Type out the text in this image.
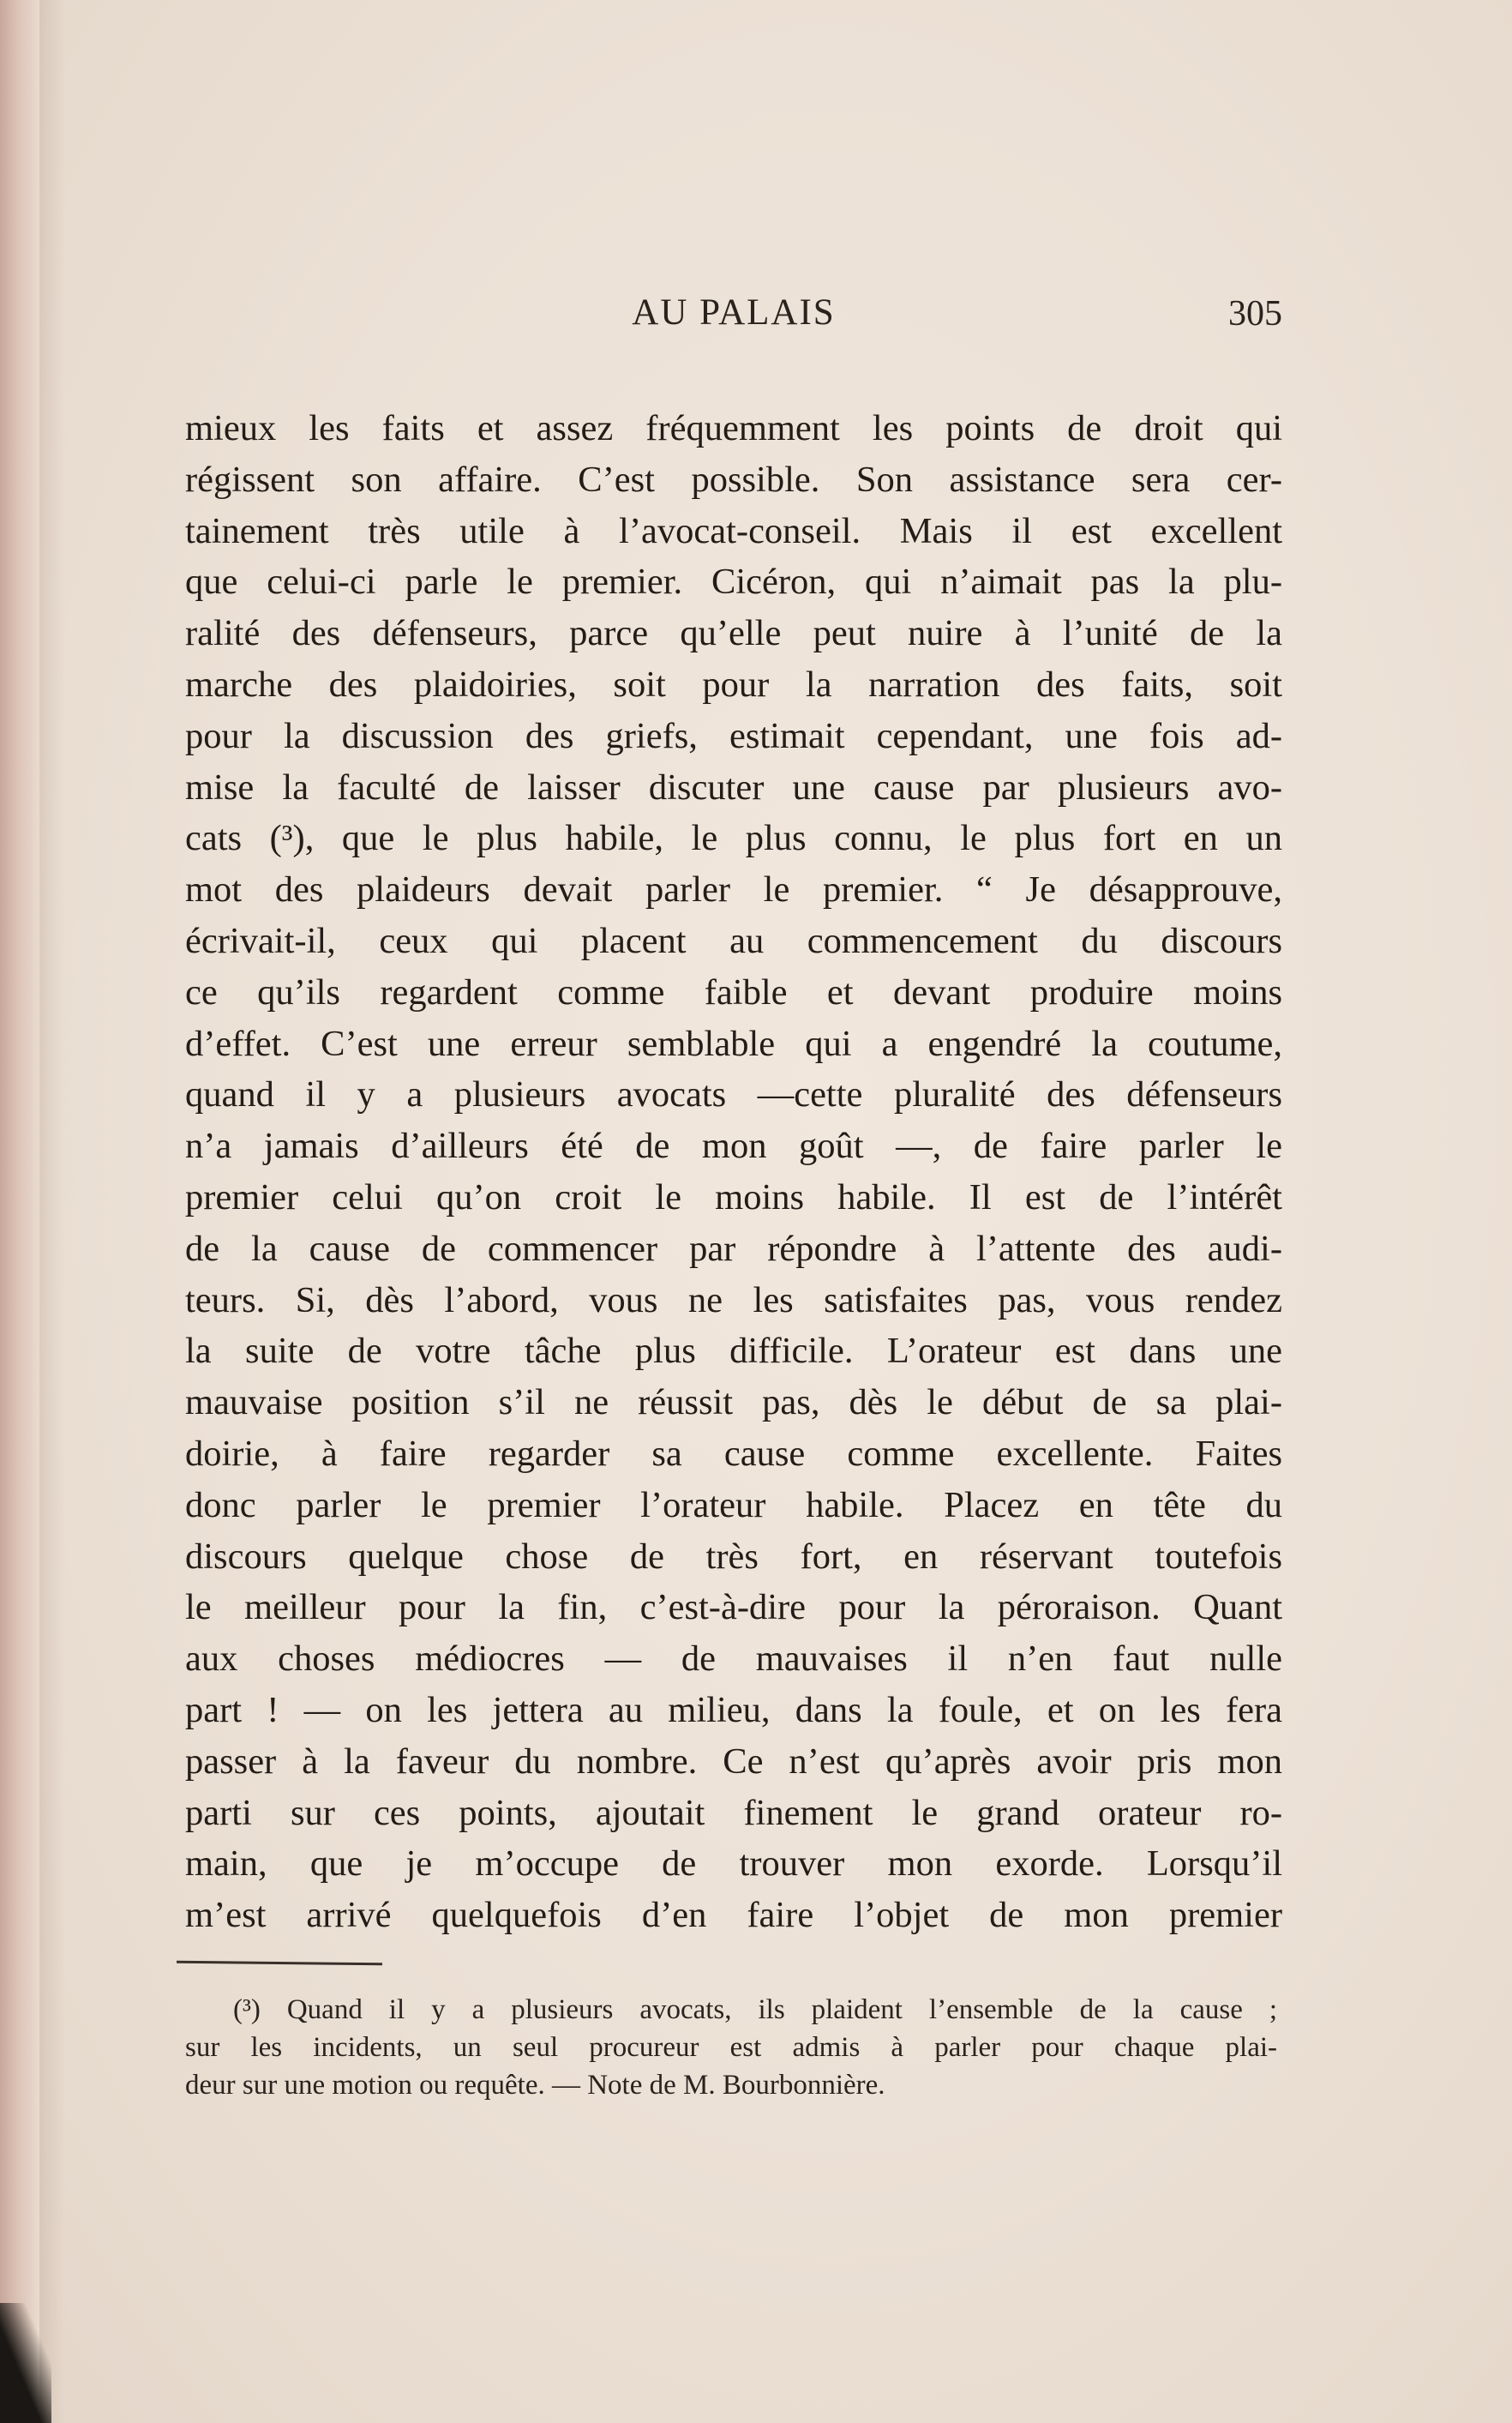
AU PALAIS	305
mieux les faits et assez fréquemment les points de droit qui
régissent son affaire. C’est possible. Son assistance sera cer-
tainement très utile à l’avocat-conseil. Mais il est excellent
que celui-ci parle le premier. Cicéron, qui n’aimait pas la plu-
ralité des défenseurs, parce qu’elle peut nuire à l’unité de la
marche des plaidoiries, soit pour la narration des faits, soit
pour la discussion des griefs, estimait cependant, une fois ad-
mise la faculté de laisser discuter une cause par plusieurs avo-
cats (³), que le plus habile, le plus connu, le plus fort en un
mot des plaideurs devait parler le premier. “ Je désapprouve,
écrivait-il, ceux qui placent au commencement du discours
ce qu’ils regardent comme faible et devant produire moins
d’effet. C’est une erreur semblable qui a engendré la coutume,
quand il y a plusieurs avocats —cette pluralité des défenseurs
n’a jamais d’ailleurs été de mon goût —, de faire parler le
premier celui qu’on croit le moins habile. Il est de l’intérêt
de la cause de commencer par répondre à l’attente des audi-
teurs. Si, dès l’abord, vous ne les satisfaites pas, vous rendez
la suite de votre tâche plus difficile. L’orateur est dans une
mauvaise position s’il ne réussit pas, dès le début de sa plai-
doirie, à faire regarder sa cause comme excellente. Faites
donc parler le premier l’orateur habile. Placez en tête du
discours quelque chose de très fort, en réservant toutefois
le meilleur pour la fin, c’est-à-dire pour la péroraison. Quant
aux choses médiocres — de mauvaises il n’en faut nulle
part ! — on les jettera au milieu, dans la foule, et on les fera
passer à la faveur du nombre. Ce n’est qu’après avoir pris mon
parti sur ces points, ajoutait finement le grand orateur ro-
main, que je m’occupe de trouver mon exorde. Lorsqu’il
m’est arrivé quelquefois d’en faire l’objet de mon premier
(³) Quand il y a plusieurs avocats, ils plaident l’ensemble de la cause ;
sur les incidents, un seul procureur est admis à parler pour chaque plai-
deur sur une motion ou requête. — Note de M. Bourbonnière.
